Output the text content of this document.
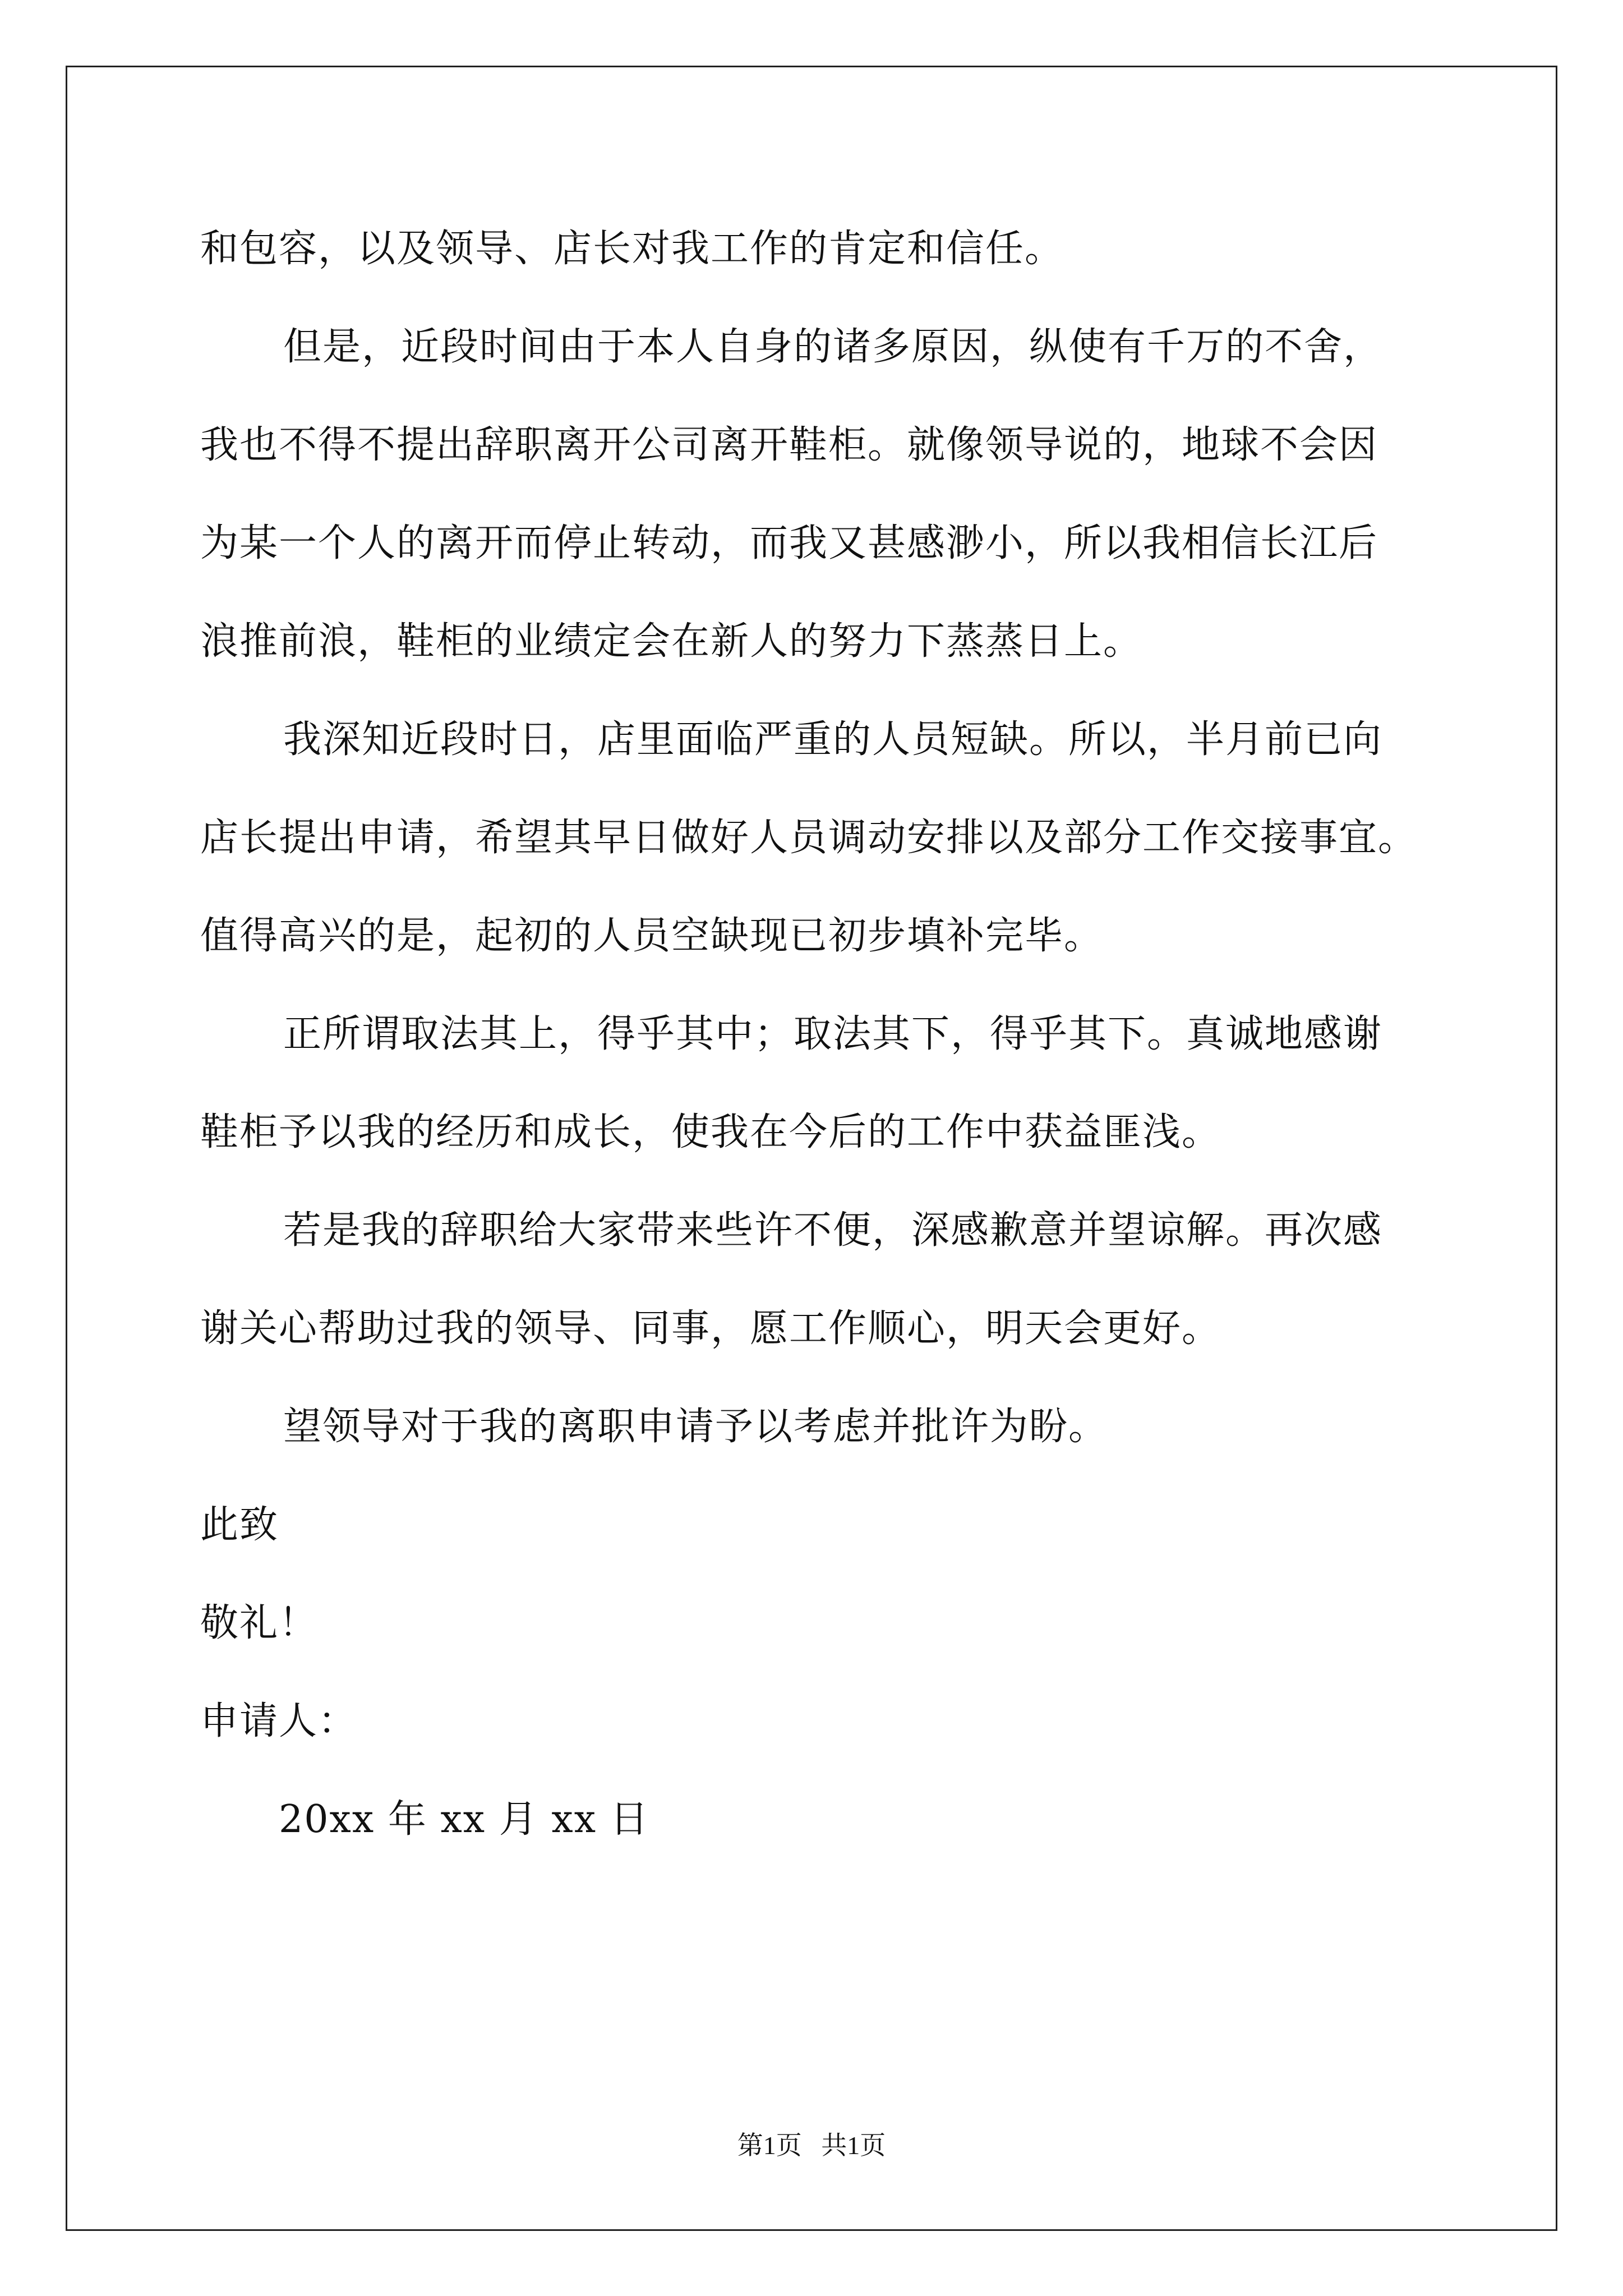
和包容，以及领导、店长对我工作的肯定和信任。
但是，近段时间由于本人自身的诸多原因，纵使有千万的不舍，
我也不得不提出辞职离开公司离开鞋柜。就像领导说的，地球不会因
为某一个人的离开而停止转动，而我又甚感渺小，所以我相信长江后
浪推前浪，鞋柜的业绩定会在新人的努力下蒸蒸日上。
我深知近段时日，店里面临严重的人员短缺。所以，半月前已向
店长提出申请，希望其早日做好人员调动安排以及部分工作交接事宜。
值得高兴的是，起初的人员空缺现已初步填补完毕。
正所谓取法其上，得乎其中；取法其下，得乎其下。真诚地感谢
鞋柜予以我的经历和成长，使我在今后的工作中获益匪浅。
若是我的辞职给大家带来些许不便，深感歉意并望谅解。再次感
谢关心帮助过我的领导、同事，愿工作顺心，明天会更好。
望领导对于我的离职申请予以考虑并批许为盼。
此致
敬礼！
申请人：
20xx 年 xx 月 xx 日
第1页   共1页
